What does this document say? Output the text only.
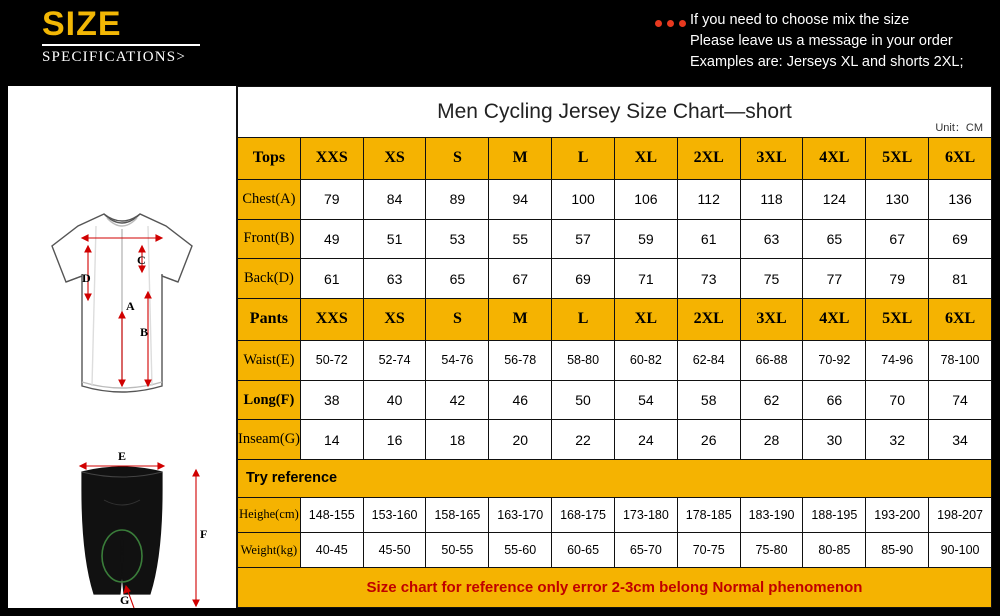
SIZE
SPECIFICATIONS>
If you need to choose mix the size
Please leave us a message in your order
Examples are: Jerseys XL and shorts 2XL;
D
C
A
B
E
F
G
Men Cycling Jersey Size Chart—short
Unit：CM											

Tops	XXS	XS	S	M	L	XL	2XL	3XL	4XL	5XL	6XL
Chest(A)	79	84	89	94	100	106	112	118	124	130	136
Front(B)	49	51	53	55	57	59	61	63	65	67	69
Back(D)	61	63	65	67	69	71	73	75	77	79	81
Pants	XXS	XS	S	M	L	XL	2XL	3XL	4XL	5XL	6XL
Waist(E)	50-72	52-74	54-76	56-78	58-80	60-82	62-84	66-88	70-92	74-96	78-100
Long(F)	38	40	42	46	50	54	58	62	66	70	74
Inseam(G)	14	16	18	20	22	24	26	28	30	32	34
Try reference											
Heighe(cm)	148-155	153-160	158-165	163-170	168-175	173-180	178-185	183-190	188-195	193-200	198-207
Weight(kg)	40-45	45-50	50-55	55-60	60-65	65-70	70-75	75-80	80-85	85-90	90-100
Size chart for reference only error 2-3cm belong Normal phenomenon											
